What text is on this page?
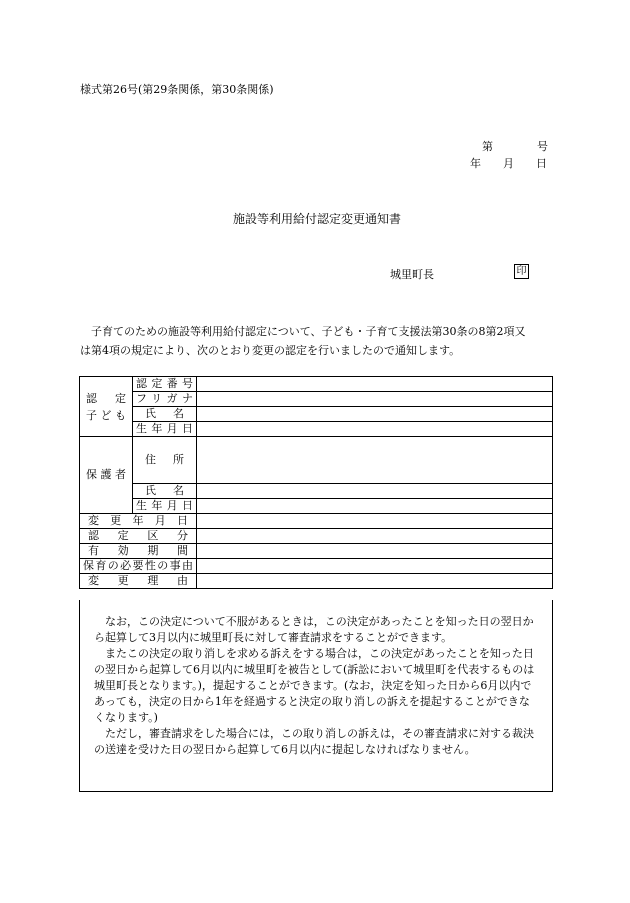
様式第26号(第29条関係，第30条関係)
第　　　　号
年　　月　　日
施設等利用給付認定変更通知書
城里町長	印

　子育てのための施設等利用給付認定について、子ども・子育て支援法第30条の8第2項又

は第4項の規定により、次のとおり変更の認定を行いましたので通知します。

認　定
子ども	認定番号	
	フリガナ	
	氏　名	
	生年月日	
保護者	住　所	
	氏　名	
	生年月日	
変更年月日		
認定区分		
有効期間		
保育の必要性の事由		
変更理由		

なお，この決定について不服があるときは，この決定があったことを知った日の翌日から起算して3月以内に城里町長に対して審査請求をすることができます。

またこの決定の取り消しを求める訴えをする場合は，この決定があったことを知った日の翌日から起算して6月以内に城里町を被告として(訴訟において城里町を代表するものは城里町長となります。)，提起することができます。(なお，決定を知った日から6月以内であっても，決定の日から1年を経過すると決定の取り消しの訴えを提起することができなくなります。)

ただし，審査請求をした場合には，この取り消しの訴えは，その審査請求に対する裁決の送達を受けた日の翌日から起算して6月以内に提起しなければなりません。
